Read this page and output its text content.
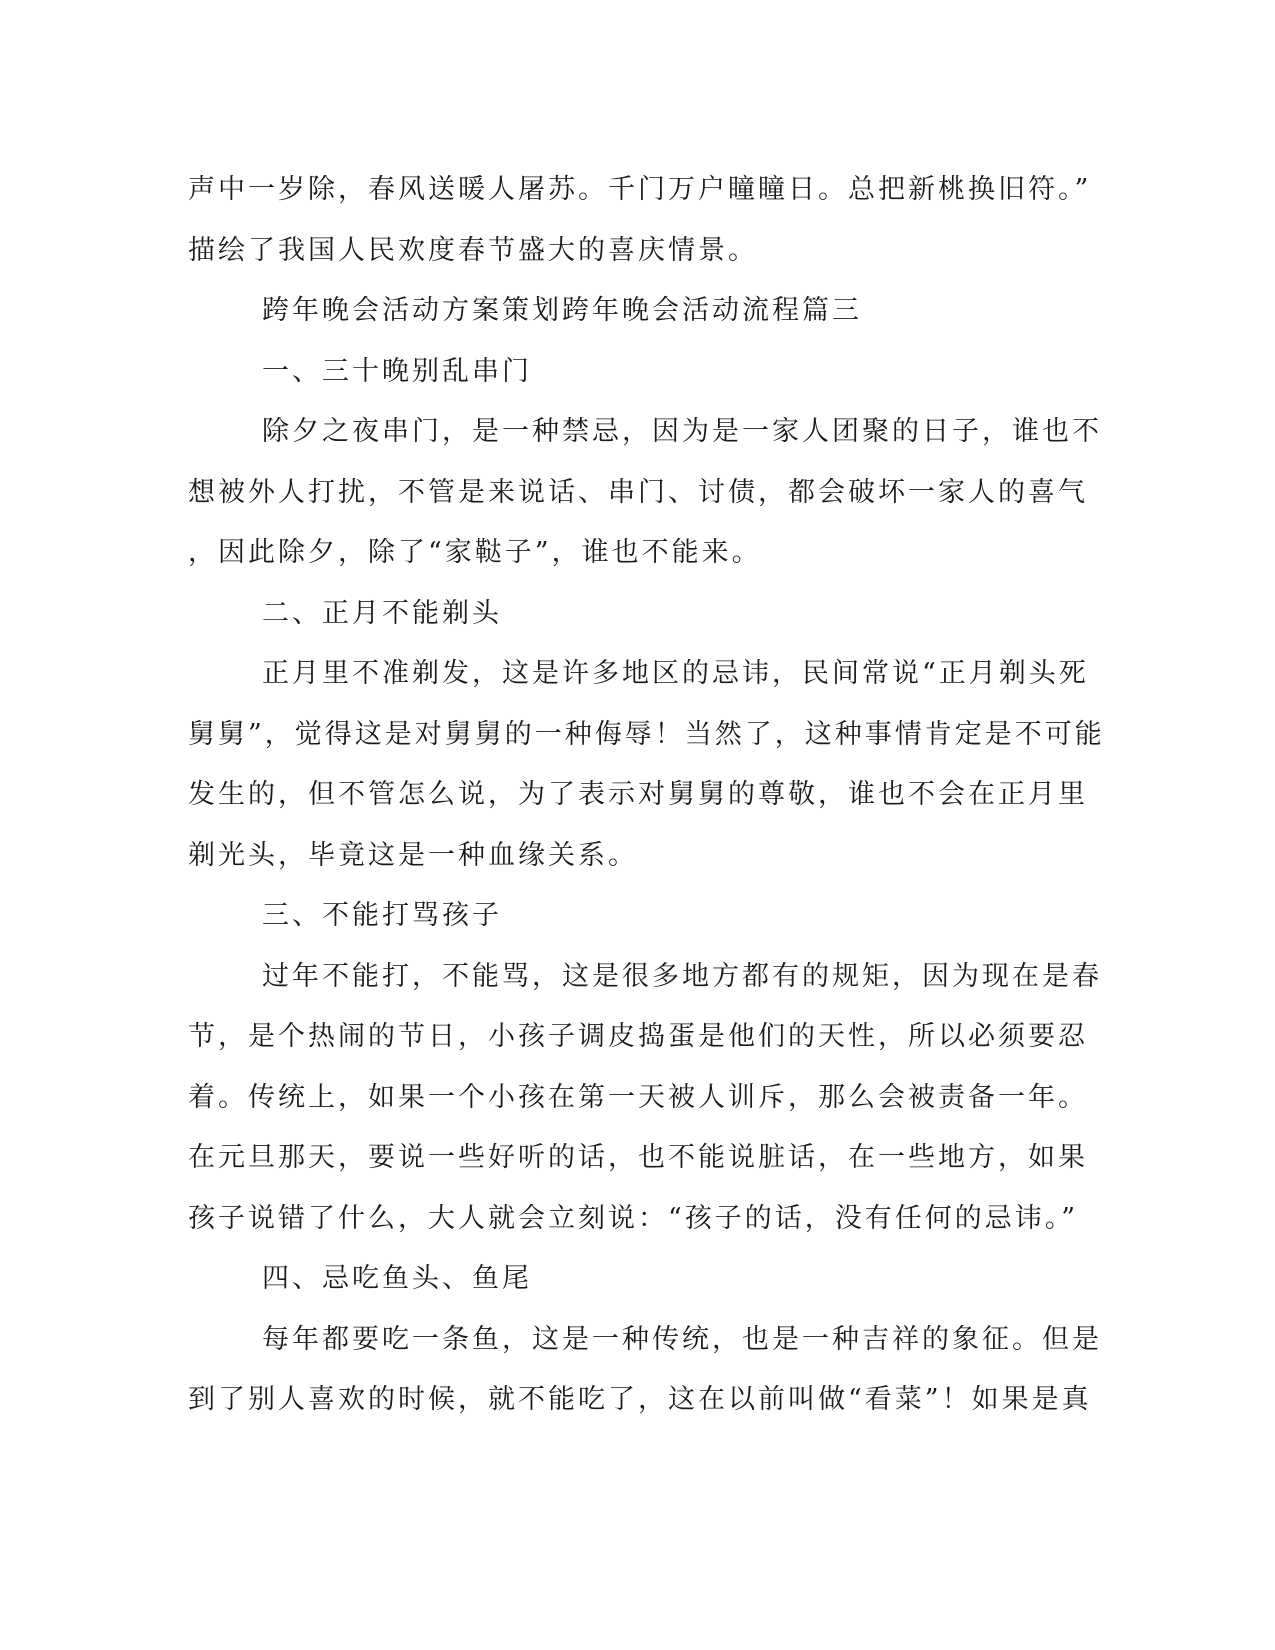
声中一岁除，春风送暖人屠苏。千门万户瞳瞳日。总把新桃换旧符。”

描绘了我国人民欢度春节盛大的喜庆情景。

跨年晚会活动方案策划跨年晚会活动流程篇三

一、三十晚别乱串门

除夕之夜串门，是一种禁忌，因为是一家人团聚的日子，谁也不

想被外人打扰，不管是来说话、串门、讨债，都会破坏一家人的喜气

，因此除夕，除了“家鞑子”，谁也不能来。

二、正月不能剃头

正月里不准剃发，这是许多地区的忌讳，民间常说“正月剃头死

舅舅”，觉得这是对舅舅的一种侮辱！当然了，这种事情肯定是不可能

发生的，但不管怎么说，为了表示对舅舅的尊敬，谁也不会在正月里

剃光头，毕竟这是一种血缘关系。

三、不能打骂孩子

过年不能打，不能骂，这是很多地方都有的规矩，因为现在是春

节，是个热闹的节日，小孩子调皮捣蛋是他们的天性，所以必须要忍

着。传统上，如果一个小孩在第一天被人训斥，那么会被责备一年。

在元旦那天，要说一些好听的话，也不能说脏话，在一些地方，如果

孩子说错了什么，大人就会立刻说：“孩子的话，没有任何的忌讳。”

四、忌吃鱼头、鱼尾

每年都要吃一条鱼，这是一种传统，也是一种吉祥的象征。但是

到了别人喜欢的时候，就不能吃了，这在以前叫做“看菜”！如果是真
